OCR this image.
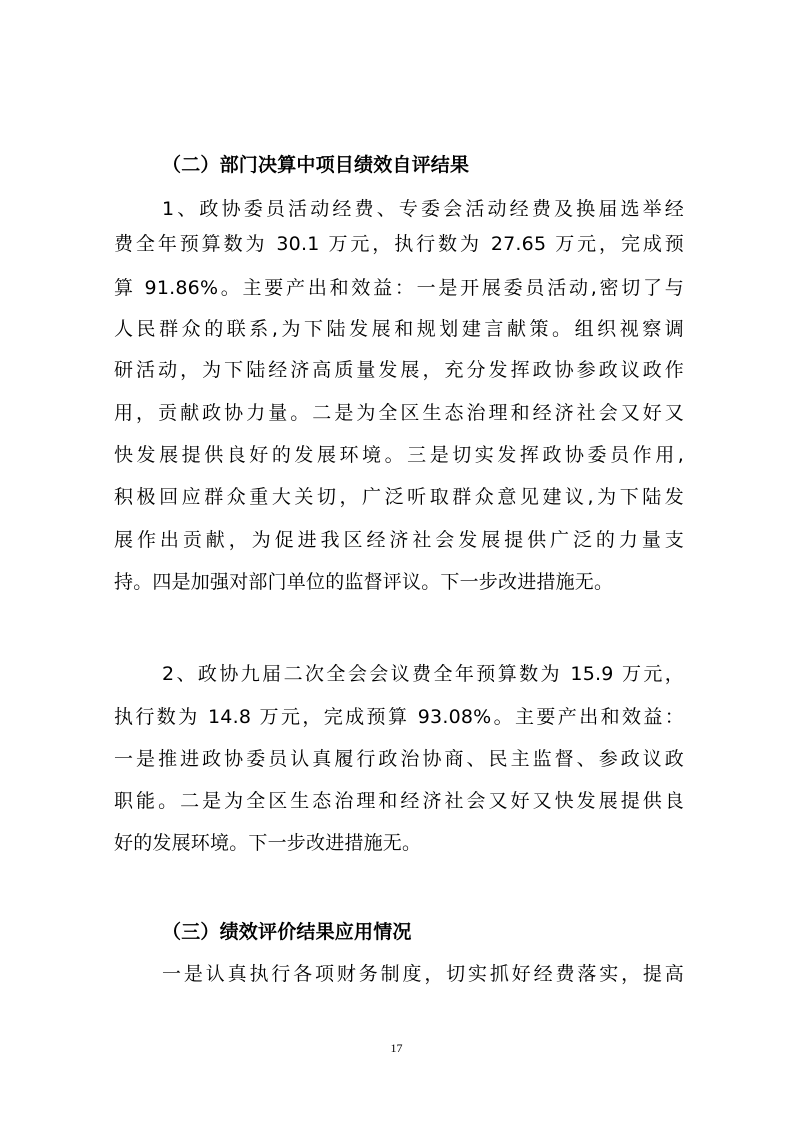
（二）部门决算中项目绩效自评结果
1、政协委员活动经费、专委会活动经费及换届选举经
费全年预算数为 30.1 万元，执行数为 27.65 万元，完成预
算 91.86%。主要产出和效益：一是开展委员活动,密切了与
人民群众的联系,为下陆发展和规划建言献策。组织视察调
研活动，为下陆经济高质量发展，充分发挥政协参政议政作
用，贡献政协力量。二是为全区生态治理和经济社会又好又
快发展提供良好的发展环境。三是切实发挥政协委员作用,
积极回应群众重大关切，广泛听取群众意见建议,为下陆发
展作出贡献，为促进我区经济社会发展提供广泛的力量支
持。四是加强对部门单位的监督评议。下一步改进措施无。
2、政协九届二次全会会议费全年预算数为 15.9 万元，
执行数为 14.8 万元，完成预算 93.08%。主要产出和效益：
一是推进政协委员认真履行政治协商、民主监督、参政议政
职能。二是为全区生态治理和经济社会又好又快发展提供良
好的发展环境。下一步改进措施无。
（三）绩效评价结果应用情况
一是认真执行各项财务制度，切实抓好经费落实，提高
17
